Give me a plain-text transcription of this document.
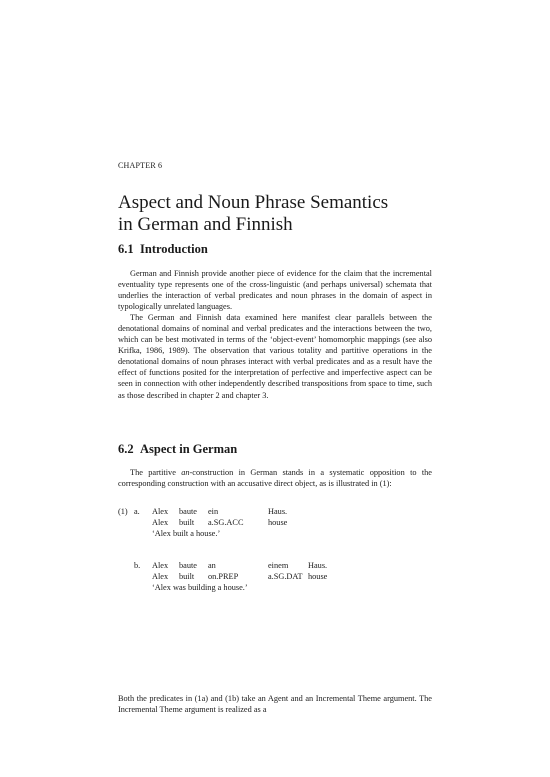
CHAPTER 6
Aspect and Noun Phrase Semantics
in German and Finnish
6.1 Introduction

German and Finnish provide another piece of evidence for the claim that the incremental eventuality type represents one of the cross-linguistic (and perhaps universal) schemata that underlies the interaction of verbal predicates and noun phrases in the domain of aspect in typologically unrelated languages.

The German and Finnish data examined here manifest clear parallels between the denotational domains of nominal and verbal predicates and the interactions between the two, which can be best motivated in terms of the ‘object-event’ homomorphic mappings (see also Krifka, 1986, 1989). The observation that various totality and partitive operations in the denotational domains of noun phrases interact with verbal predicates and as a result have the effect of functions posited for the interpretation of perfective and imperfective aspect can be seen in connection with other independently described transpositions from space to time, such as those described in chapter 2 and chapter 3.

6.2 Aspect in German

The partitive an-construction in German stands in a systematic opposition to the corresponding construction with an accusative direct object, as is illustrated in (1):

(1) a. Alex baute ein	Haus.
Alex built a.SG.ACC	house
‘Alex built a house.’
b. Alex baute an	einem Haus.
Alex built on.PREP	a.SG.DAT house
‘Alex was building a house.’

Both the predicates in (1a) and (1b) take an Agent and an Incremental Theme argument. The Incremental Theme argument is realized as a
